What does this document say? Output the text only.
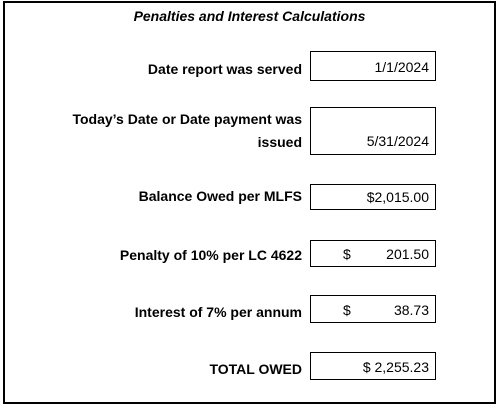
Penalties and Interest Calculations
Date report was served	1/1/2024
Today’s Date or Date payment was issued	5/31/2024
Balance Owed per MLFS	$2,015.00
Penalty of 10% per LC 4622	$	201.50
Interest of 7% per annum	$	38.73
TOTAL OWED	$ 2,255.23
